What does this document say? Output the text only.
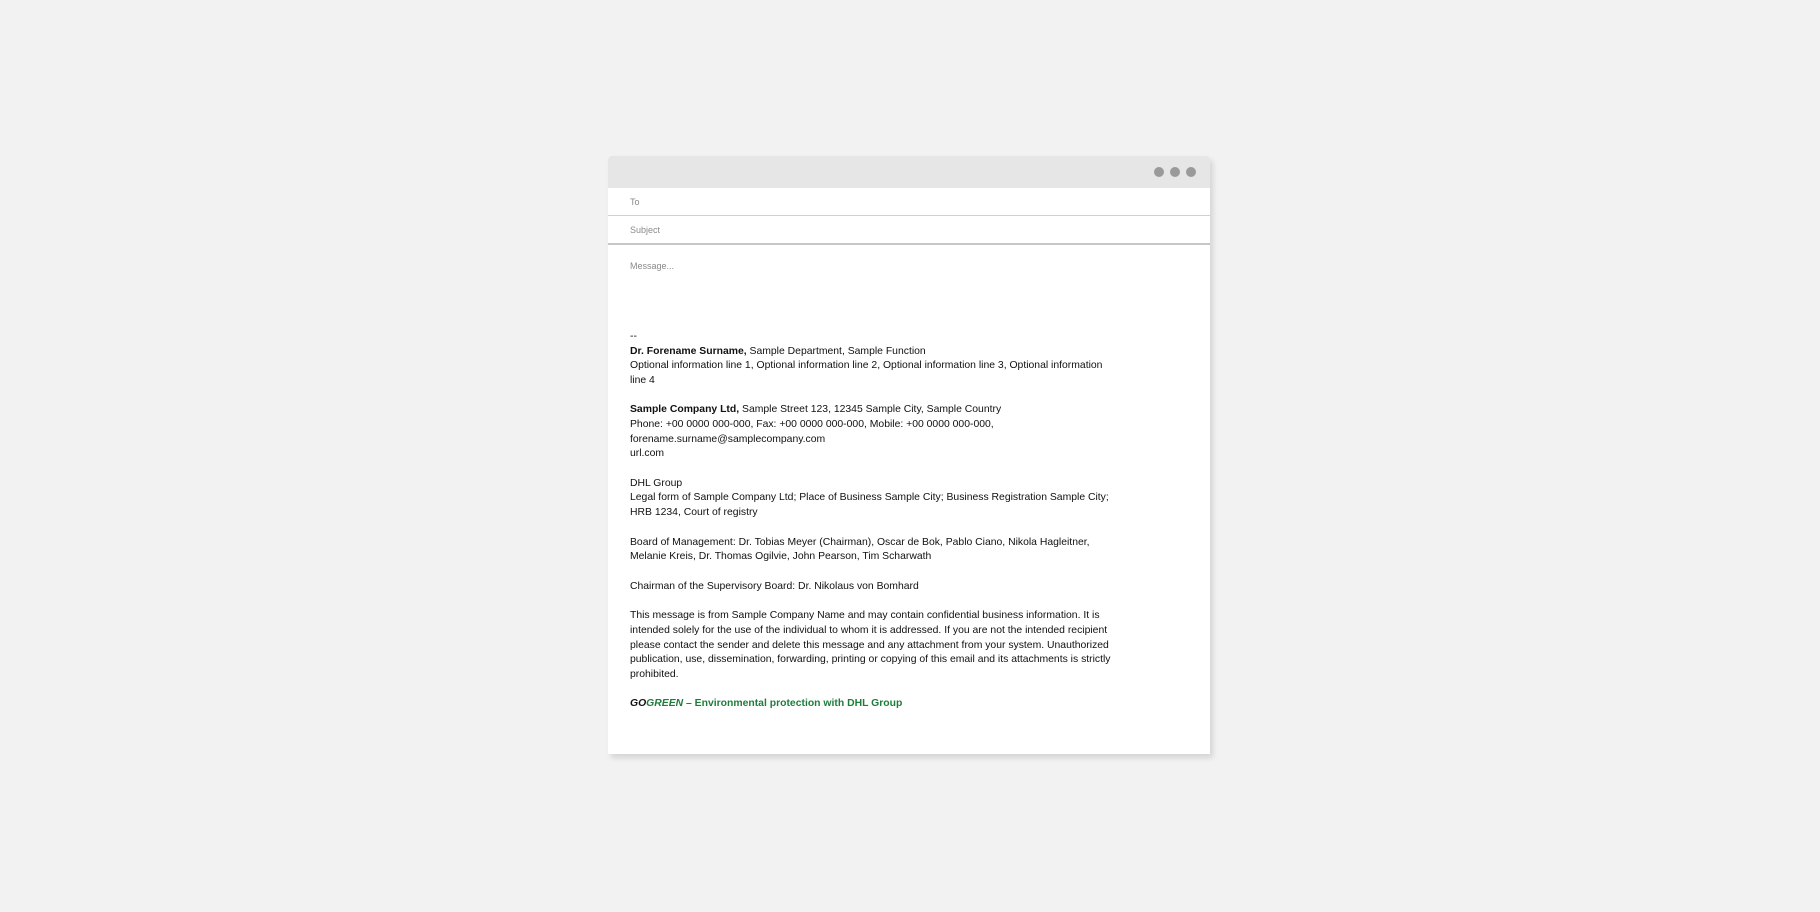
To
Subject
Message...

--

Dr. Forename Surname, Sample Department, Sample Function

Optional information line 1, Optional information line 2, Optional information line 3, Optional information line 4

Sample Company Ltd, Sample Street 123, 12345 Sample City, Sample Country

Phone: +00 0000 000-000, Fax: +00 0000 000-000, Mobile: +00 0000 000-000, forename.surname@samplecompany.com

url.com

DHL Group

Legal form of Sample Company Ltd; Place of Business Sample City; Business Registration Sample City; HRB 1234, Court of registry

Board of Management: Dr. Tobias Meyer (Chairman), Oscar de Bok, Pablo Ciano, Nikola Hagleitner, Melanie Kreis, Dr. Thomas Ogilvie, John Pearson, Tim Scharwath

Chairman of the Supervisory Board: Dr. Nikolaus von Bomhard

This message is from Sample Company Name and may contain confidential business information. It is intended solely for the use of the individual to whom it is addressed. If you are not the intended recipient please contact the sender and delete this message and any attachment from your system. Unauthorized publication, use, dissemination, forwarding, printing or copying of this email and its attachments is strictly prohibited.

GOGREEN – Environmental protection with DHL Group
